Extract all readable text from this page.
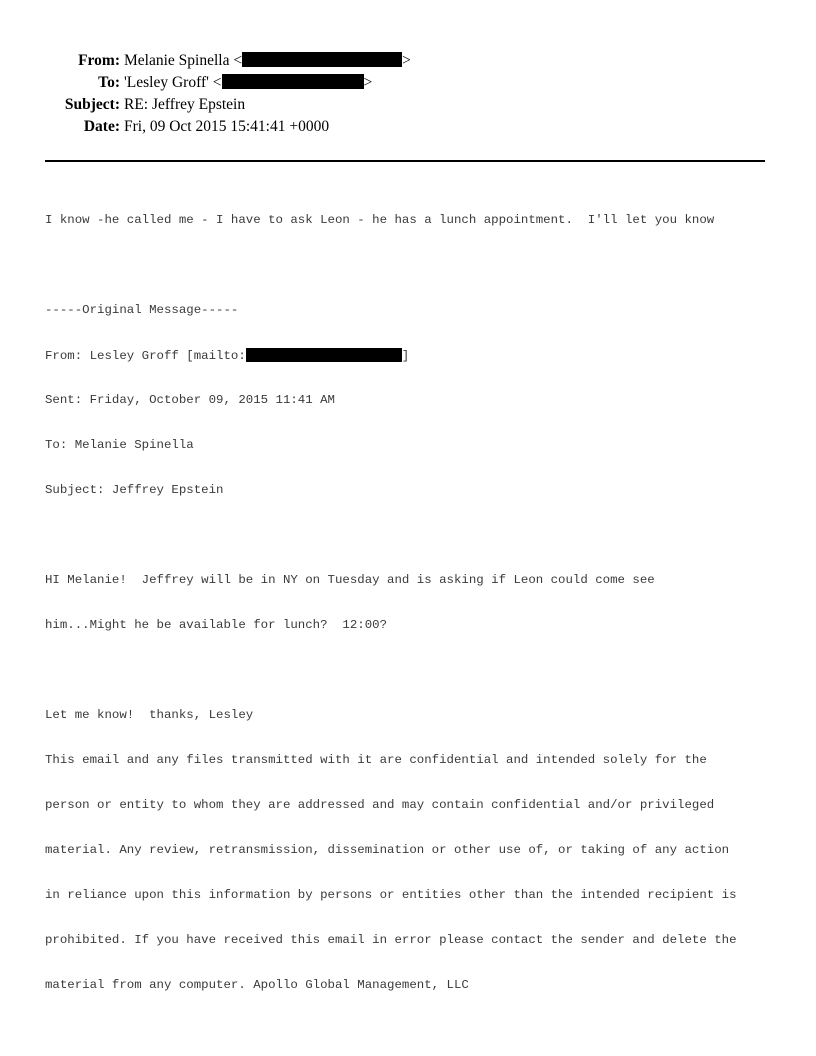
From: Melanie Spinella <	>
To: 'Lesley Groff' <	>
Subject: RE: Jeffrey Epstein
Date: Fri, 09 Oct 2015 15:41:41 +0000

I know -he called me - I have to ask Leon - he has a lunch appointment.  I'll let you know

-----Original Message-----

From: Lesley Groff [mailto:	]

Sent: Friday, October 09, 2015 11:41 AM

To: Melanie Spinella

Subject: Jeffrey Epstein

HI Melanie!  Jeffrey will be in NY on Tuesday and is asking if Leon could come see

him...Might he be available for lunch?  12:00?

Let me know!  thanks, Lesley

This email and any files transmitted with it are confidential and intended solely for the

person or entity to whom they are addressed and may contain confidential and/or privileged

material. Any review, retransmission, dissemination or other use of, or taking of any action

in reliance upon this information by persons or entities other than the intended recipient is

prohibited. If you have received this email in error please contact the sender and delete the

material from any computer. Apollo Global Management, LLC
